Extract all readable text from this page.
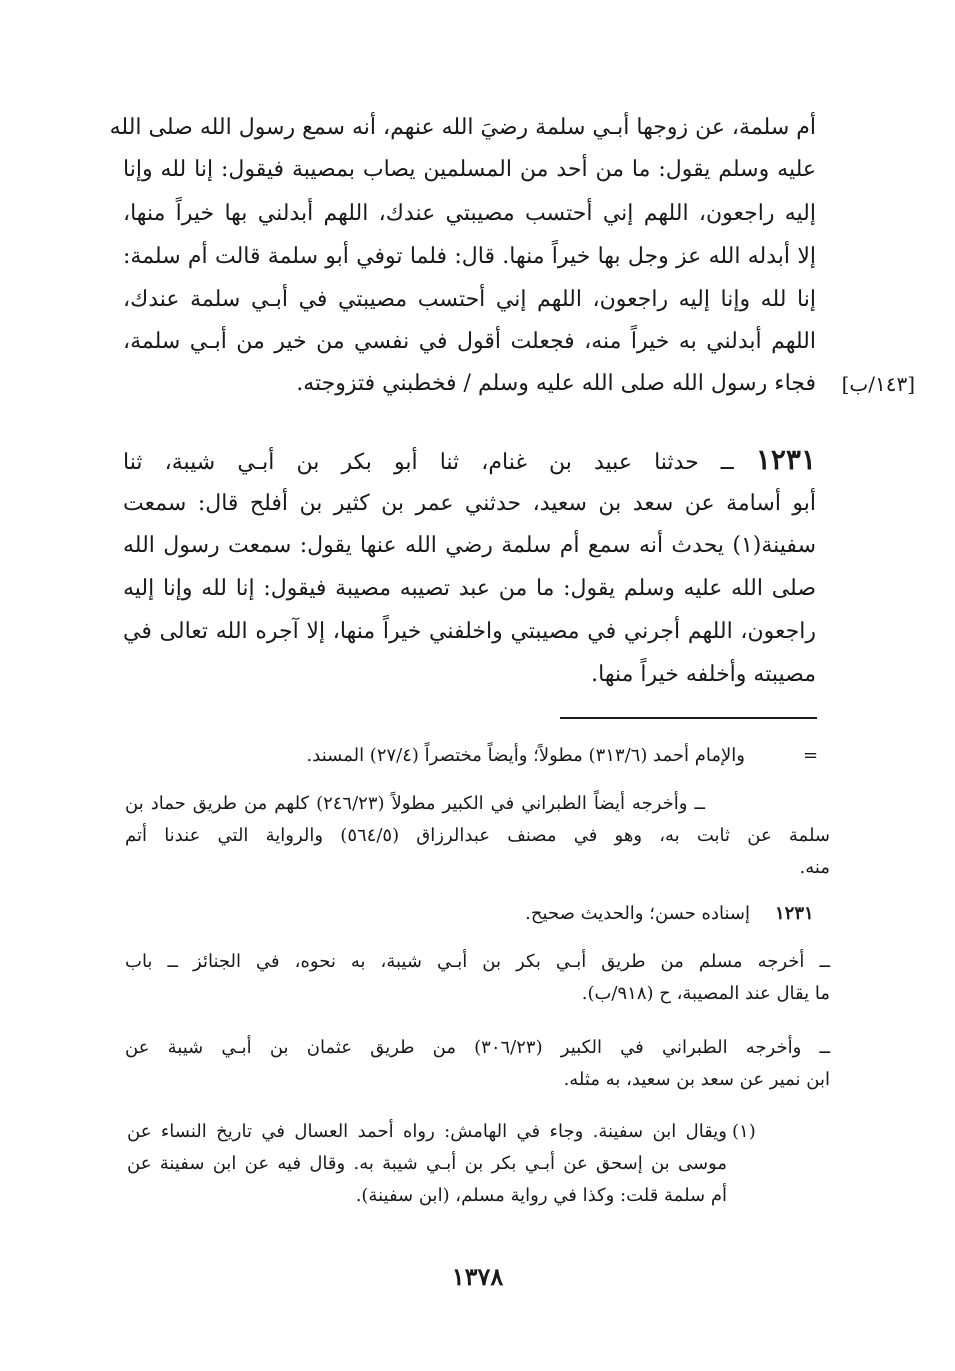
أم سلمة، عن زوجها أبـي سلمة رضيَ الله عنهم، أنه سمع رسول الله صلى الله
عليه وسلم يقول: ما من أحد من المسلمين يصاب بمصيبة فيقول: إنا لله وإنا
إليه راجعون، اللهم إني أحتسب مصيبتي عندك، اللهم أبدلني بها خيراً منها،
إلا أبدله الله عز وجل بها خيراً منها. قال: فلما توفي أبو سلمة قالت أم سلمة:
إنا لله وإنا إليه راجعون، اللهم إني أحتسب مصيبتي في أبـي سلمة عندك،
اللهم أبدلني به خيراً منه، فجعلت أقول في نفسي من خير من أبـي سلمة،
فجاء رسول الله صلى الله عليه وسلم / فخطبني فتزوجته. [١٤٣/ب]
١٢٣١ ــ حدثنا عبيد بن غنام، ثنا أبو بكر بن أبـي شيبة، ثنا
أبو أسامة عن سعد بن سعيد، حدثني عمر بن كثير بن أفلح قال: سمعت
سفينة(١) يحدث أنه سمع أم سلمة رضي الله عنها يقول: سمعت رسول الله
صلى الله عليه وسلم يقول: ما من عبد تصيبه مصيبة فيقول: إنا لله وإنا إليه
راجعون، اللهم أجرني في مصيبتي واخلفني خيراً منها، إلا آجره الله تعالى في
مصيبته وأخلفه خيراً منها.
=
والإمام أحمد (٣١٣/٦) مطولاً؛ وأيضاً مختصراً (٢٧/٤) المسند.
ــ وأخرجه أيضاً الطبراني في الكبير مطولاً (٢٤٦/٢٣) كلهم من طريق حماد بن
سلمة عن ثابت به، وهو في مصنف عبدالرزاق (٥٦٤/٥) والرواية التي عندنا أتم
منه.
١٢٣١
إسناده حسن؛ والحديث صحيح.
ــ أخرجه مسلم من طريق أبـي بكر بن أبـي شيبة، به نحوه، في الجنائز ــ باب
ما يقال عند المصيبة، ح (٩١٨/ب).
ــ وأخرجه الطبراني في الكبير (٣٠٦/٢٣) من طريق عثمان بن أبـي شيبة عن
ابن نمير عن سعد بن سعيد، به مثله.
(١)
ويقال ابن سفينة. وجاء في الهامش: رواه أحمد العسال في تاريخ النساء عن
موسى بن إسحق عن أبـي بكر بن أبـي شيبة به. وقال فيه عن ابن سفينة عن
أم سلمة قلت: وكذا في رواية مسلم، (ابن سفينة).
١٣٧٨
